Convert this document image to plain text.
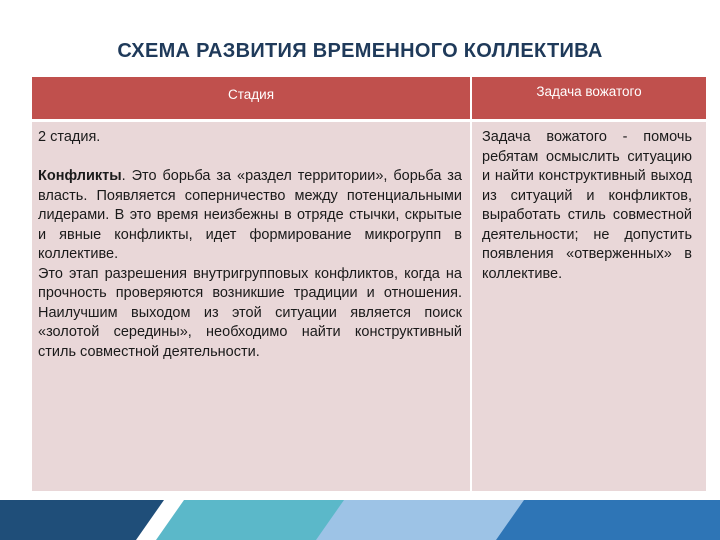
СХЕМА РАЗВИТИЯ ВРЕМЕННОГО КОЛЛЕКТИВА
Стадия	Задача вожатого

2 стадия.

Конфликты. Это борьба за «раздел территории», борьба за власть. Появляется соперничество между потенциальными лидерами. В это время неизбежны в отряде стычки, скрытые и явные конфликты, идет формирование микрогрупп в коллективе.

Это этап разрешения внутригрупповых конфликтов, когда на прочность проверяются возникшие традиции и отношения. Наилучшим выходом из этой ситуации является поиск «золотой середины», необходимо найти конструктивный стиль совместной деятельности.

Задача вожатого - помочь ребятам осмыслить ситуацию и найти конструктивный выход из ситуаций и конфликтов, выработать стиль совместной деятельности; не допустить появления «отверженных» в коллективе.
